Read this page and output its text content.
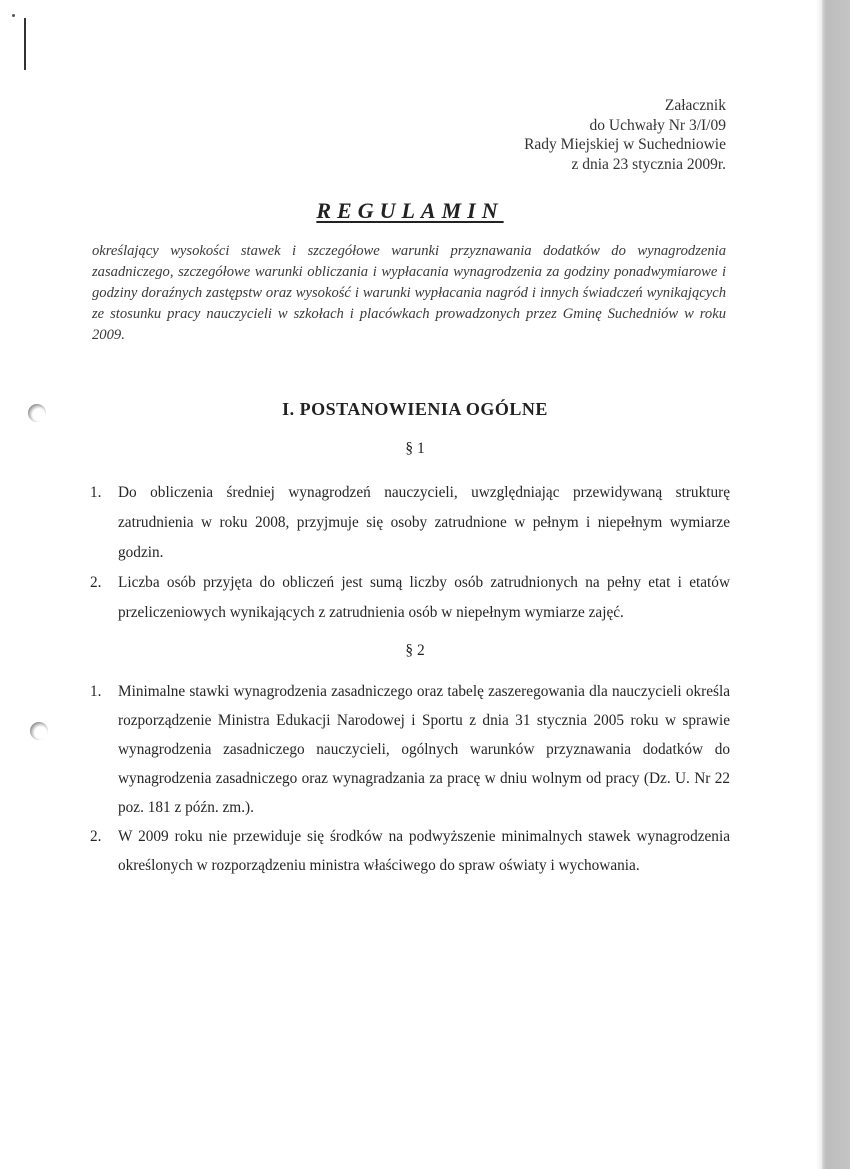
Załacznik
do Uchwały Nr 3/I/09
Rady Miejskiej w Suchedniowie
z dnia 23 stycznia 2009r.
REGULAMIN
określający wysokości stawek i szczegółowe warunki przyznawania dodatków do wynagrodzenia zasadniczego, szczegółowe warunki obliczania i wypłacania wynagrodzenia za godziny ponadwymiarowe i godziny doraźnych zastępstw oraz wysokość i warunki wypłacania nagród i innych świadczeń wynikających ze stosunku pracy nauczycieli w szkołach i placówkach prowadzonych przez Gminę Suchedniów w roku 2009.
I. POSTANOWIENIA OGÓLNE
§ 1
1. Do obliczenia średniej wynagrodzeń nauczycieli, uwzględniając przewidywaną strukturę zatrudnienia w roku 2008, przyjmuje się osoby zatrudnione w pełnym i niepełnym wymiarze godzin.
2. Liczba osób przyjęta do obliczeń jest sumą liczby osób zatrudnionych na pełny etat i etatów przeliczeniowych wynikających z zatrudnienia osób w niepełnym wymiarze zajęć.
§ 2
1. Minimalne stawki wynagrodzenia zasadniczego oraz tabelę zaszeregowania dla nauczycieli określa rozporządzenie Ministra Edukacji Narodowej i Sportu z dnia 31 stycznia 2005 roku w sprawie wynagrodzenia zasadniczego nauczycieli, ogólnych warunków przyznawania dodatków do wynagrodzenia zasadniczego oraz wynagradzania za pracę w dniu wolnym od pracy (Dz. U. Nr 22 poz. 181 z późn. zm.).
2. W 2009 roku nie przewiduje się środków na podwyższenie minimalnych stawek wynagrodzenia określonych w rozporządzeniu ministra właściwego do spraw oświaty i wychowania.
